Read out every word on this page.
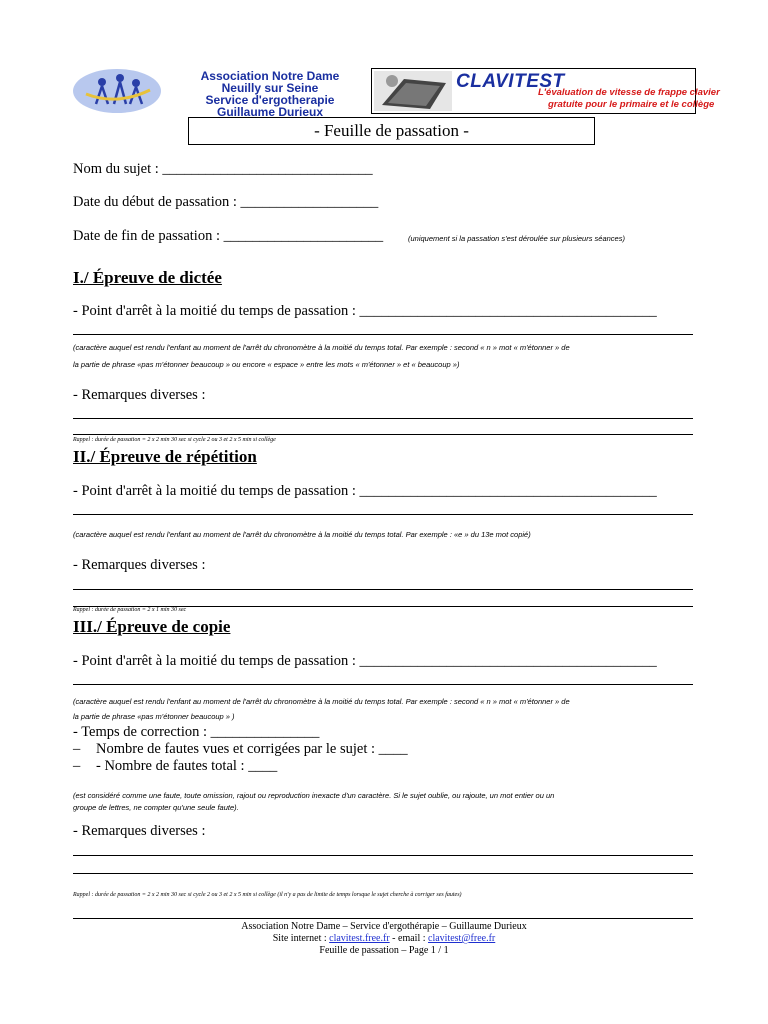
Association Notre Dame
Neuilly sur Seine
Service d'ergotherapie
Guillaume Durieux
CLAVITEST
L'évaluation de vitesse de frappe clavier
gratuite pour le primaire et le collège
- Feuille de passation -
Nom du sujet : _____________________________
Date du début de passation : ___________________
Date de fin de passation : ______________________	(uniquement si la passation s'est déroulée sur plusieurs séances)
I./ Épreuve de dictée
- Point d'arrêt à la moitié du temps de passation : _________________________________________
(caractère auquel est rendu l'enfant au moment de l'arrêt du chronomètre à la moitié du temps total. Par exemple : second « n » mot « m'étonner » de
la partie de phrase «pas m'étonner beaucoup » ou encore « espace » entre les mots « m'étonner » et « beaucoup »)
- Remarques diverses :
Rappel : durée de passation = 2 x 2 min 30 sec si cycle 2 ou 3 et 2 x 5 min si collège
II./ Épreuve de répétition
- Point d'arrêt à la moitié du temps de passation : _________________________________________
(caractère auquel est rendu l'enfant au moment de l'arrêt du chronomètre à la moitié du temps total. Par exemple : «e » du 13e mot copié)
- Remarques diverses :
Rappel : durée de passation = 2 x 1 min 30 sec
III./ Épreuve de copie
- Point d'arrêt à la moitié du temps de passation : _________________________________________
(caractère auquel est rendu l'enfant au moment de l'arrêt du chronomètre à la moitié du temps total. Par exemple : second « n » mot « m'étonner » de
la partie de phrase «pas m'étonner beaucoup » )
- Temps de correction : _______________
– Nombre de fautes vues et corrigées par le sujet : ____
– - Nombre de fautes total : ____
(est considéré comme une faute, toute omission, rajout ou reproduction inexacte d'un caractère. Si le sujet oublie, ou rajoute, un mot entier ou un
groupe de lettres, ne compter qu'une seule faute).
- Remarques diverses :
Rappel : durée de passation = 2 x 2 min 30 sec si cycle 2 ou 3 et 2 x 5 min si collège (il n'y a pas de limite de temps lorsque le sujet cherche à corriger ses fautes)
Association Notre Dame – Service d'ergothérapie – Guillaume Durieux
Site internet : clavitest.free.fr - email : clavitest@free.fr
Feuille de passation – Page 1 / 1
